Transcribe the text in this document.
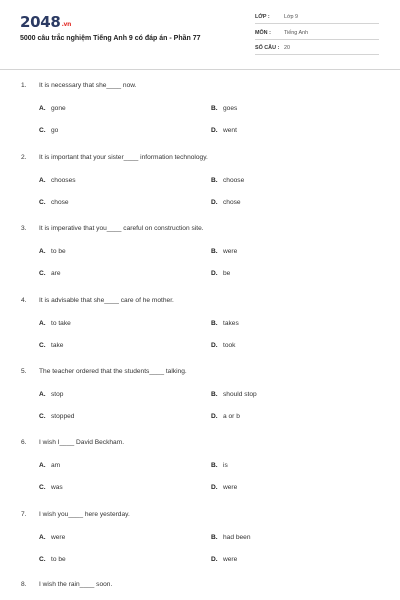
2048.vn
5000 câu trắc nghiệm Tiếng Anh 9 có đáp án - Phần 77
LỚP :	Lớp 9
MÔN : Tiếng Anh
SỐ CÂU : 20
1. It is necessary that she____ now.
A. gone	B. goes
C. go	D. went
2. It is important that your sister____ information technology.
A. chooses	B. choose
C. chose	D. chose
3. It is imperative that you____ careful on construction site.
A. to be	B. were
C. are	D. be
4. It is advisable that she____ care of he mother.
A. to take	B. takes
C. take	D. took
5. The teacher ordered that the students____ talking.
A. stop	B. should stop
C. stopped	D. a or b
6. I wish I____ David Beckham.
A. am	B. is
C. was	D. were
7. I wish you____ here yesterday.
A. were	B. had been
C. to be	D. were
8. I wish the rain____ soon.
